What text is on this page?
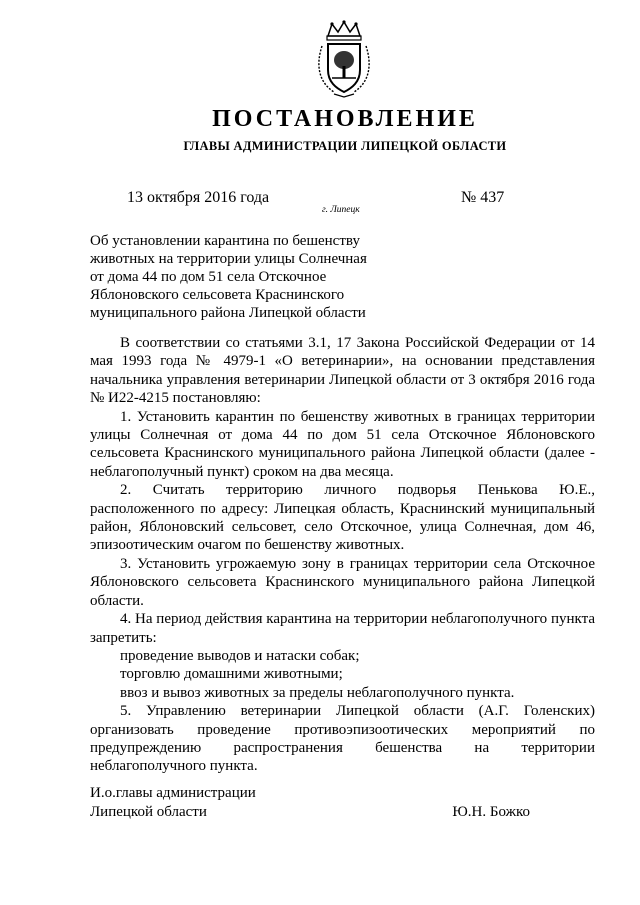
ПОСТАНОВЛЕНИЕ
ГЛАВЫ АДМИНИСТРАЦИИ ЛИПЕЦКОЙ ОБЛАСТИ
13 октября 2016 года
г. Липецк
№ 437
Об установлении карантина по бешенству
животных на территории улицы Солнечная
от дома 44 по дом 51 села Отскочное
Яблоновского сельсовета Краснинского
муниципального района Липецкой области

В соответствии со статьями 3.1, 17 Закона Российской Федерации от 14 мая 1993 года № 4979-1 «О ветеринарии», на основании представления начальника управления ветеринарии Липецкой области от 3 октября 2016 года № И22-4215 постановляю:

1. Установить карантин по бешенству животных в границах территории улицы Солнечная от дома 44 по дом 51 села Отскочное Яблоновского сельсовета Краснинского муниципального района Липецкой области (далее - неблагополучный пункт) сроком на два месяца.

2. Считать территорию личного подворья Пенькова Ю.Е., расположенного по адресу: Липецкая область, Краснинский муниципальный район, Яблоновский сельсовет, село Отскочное, улица Солнечная, дом 46, эпизоотическим очагом по бешенству животных.

3. Установить угрожаемую зону в границах территории села Отскочное Яблоновского сельсовета Краснинского муниципального района Липецкой области.

4. На период действия карантина на территории неблагополучного пункта запретить:

проведение выводов и натаски собак;

торговлю домашними животными;

ввоз и вывоз животных за пределы неблагополучного пункта.

5. Управлению ветеринарии Липецкой области (А.Г. Голенских) организовать проведение противоэпизоотических мероприятий по предупреждению распространения бешенства на территории неблагополучного пункта.

И.о.главы администрации
Липецкой области	Ю.Н. Божко
